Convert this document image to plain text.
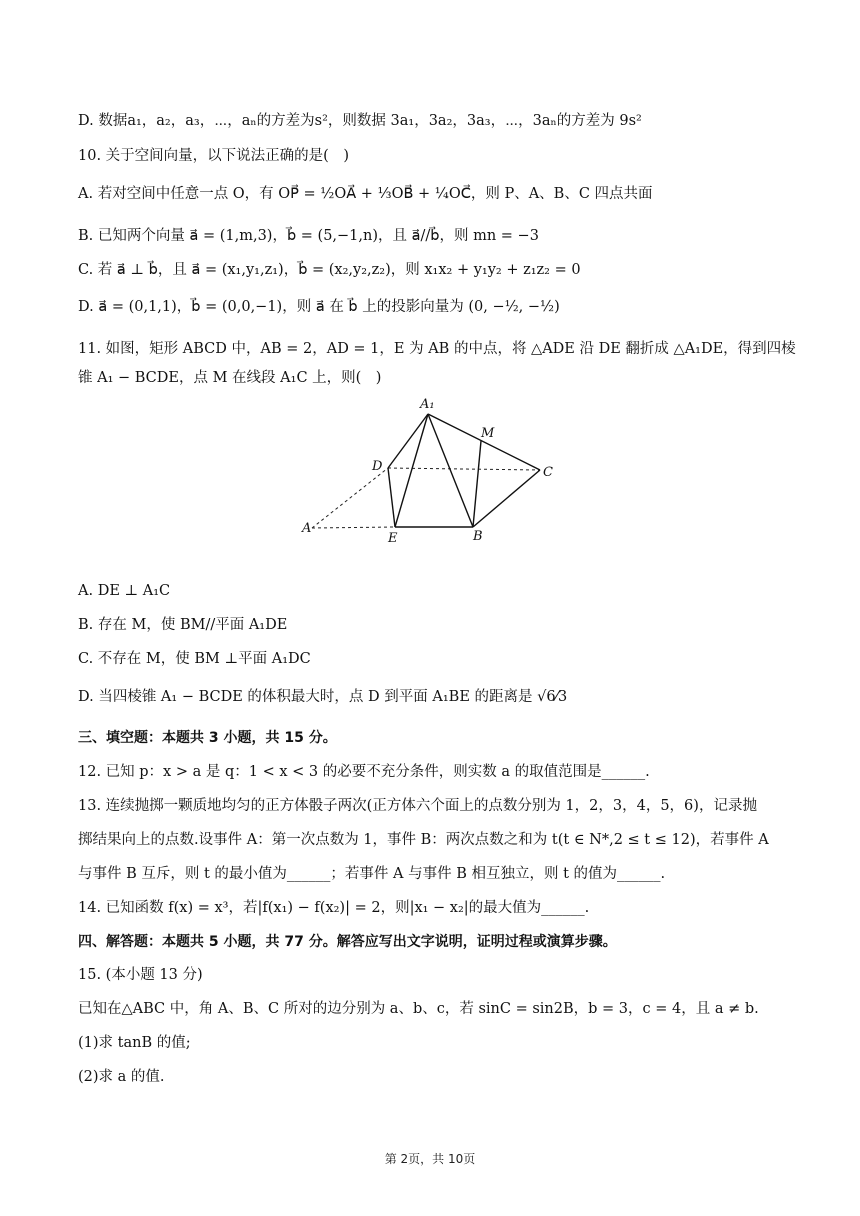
D. 数据a₁，a₂，a₃，⋯，aₙ的方差为s²，则数据 3a₁，3a₂，3a₃，⋯，3aₙ的方差为 9s²
10. 关于空间向量，以下说法正确的是(　)
A. 若对空间中任意一点 O，有 OP⃗ = ½OA⃗ + ⅓OB⃗ + ¼OC⃗，则 P、A、B、C 四点共面
B. 已知两个向量 a⃗ = (1,m,3)，b⃗ = (5,−1,n)，且 a⃗//b⃗，则 mn = −3
C. 若 a⃗ ⊥ b⃗，且 a⃗ = (x₁,y₁,z₁)，b⃗ = (x₂,y₂,z₂)，则 x₁x₂ + y₁y₂ + z₁z₂ = 0
D. a⃗ = (0,1,1)，b⃗ = (0,0,−1)，则 a⃗ 在 b⃗ 上的投影向量为 (0, −½, −½)
11. 如图，矩形 ABCD 中，AB = 2，AD = 1，E 为 AB 的中点，将 △ADE 沿 DE 翻折成 △A₁DE，得到四棱
锥 A₁ − BCDE，点 M 在线段 A₁C 上，则(　)
A. DE ⊥ A₁C
B. 存在 M，使 BM//平面 A₁DE
C. 不存在 M，使 BM ⊥平面 A₁DC
D. 当四棱锥 A₁ − BCDE 的体积最大时，点 D 到平面 A₁BE 的距离是 √6⁄3
三、填空题：本题共 3 小题，共 15 分。
12. 已知 p：x > a 是 q：1 < x < 3 的必要不充分条件，则实数 a 的取值范围是______.
13. 连续抛掷一颗质地均匀的正方体骰子两次(正方体六个面上的点数分别为 1，2，3，4，5，6)，记录抛
掷结果向上的点数.设事件 A：第一次点数为 1，事件 B：两次点数之和为 t(t ∈ N*,2 ≤ t ≤ 12)，若事件 A
与事件 B 互斥，则 t 的最小值为______；若事件 A 与事件 B 相互独立，则 t 的值为______.
14. 已知函数 f(x) = x³，若|f(x₁) − f(x₂)| = 2，则|x₁ − x₂|的最大值为______.
四、解答题：本题共 5 小题，共 77 分。解答应写出文字说明，证明过程或演算步骤。
15. (本小题 13 分)
已知在△ABC 中，角 A、B、C 所对的边分别为 a、b、c，若 sinC = sin2B，b = 3，c = 4，且 a ≠ b.
(1)求 tanB 的值;
(2)求 a 的值.
A₁
M
D	C
A
E	B
第 2页，共 10页
